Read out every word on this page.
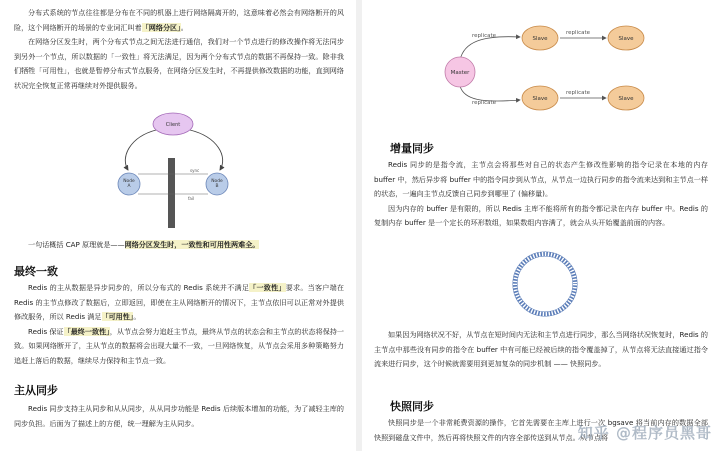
分布式系统的节点往往都是分布在不同的机器上进行网络隔离开的，这意味着必然会有网络断开的风险，这个网络断开的场景的专业词汇叫着「网络分区」。

在网络分区发生时，两个分布式节点之间无法进行通信，我们对一个节点进行的修改操作将无法同步到另外一个节点，所以数据的「一致性」将无法满足，因为两个分布式节点的数据不再保持一致。除非我们牺牲「可用性」，也就是暂停分布式节点服务，在网络分区发生时，不再提供修改数据的功能，直到网络状况完全恢复正常再继续对外提供服务。

Client
sync
fail
Node A
Node B

一句话概括 CAP 原理就是——网络分区发生时，一致性和可用性两难全。

最终一致

Redis 的主从数据是异步同步的，所以分布式的 Redis 系统并不满足「一致性」要求。当客户端在 Redis 的主节点修改了数据后，立即返回，即使在主从网络断开的情况下，主节点依旧可以正常对外提供修改服务，所以 Redis 满足「可用性」。

Redis 保证「最终一致性」，从节点会努力追赶主节点，最终从节点的状态会和主节点的状态将保持一致。如果网络断开了，主从节点的数据将会出现大量不一致，一旦网络恢复，从节点会采用多种策略努力追赶上落后的数据，继续尽力保持和主节点一致。

主从同步

Redis 同步支持主从同步和从从同步，从从同步功能是 Redis 后续版本增加的功能，为了减轻主库的同步负担。后面为了描述上的方便，统一理解为主从同步。

replicate
replicate
replicate
replicate
Master
Slave
Slave
Slave
Slave
增量同步

Redis 同步的是指令流，主节点会将那些对自己的状态产生修改性影响的指令记录在本地的内存 buffer 中，然后异步将 buffer 中的指令同步到从节点，从节点一边执行同步的指令流来达到和主节点一样的状态，一遍向主节点反馈自己同步到哪里了 (偏移量)。

因为内存的 buffer 是有限的，所以 Redis 主库不能将所有的指令都记录在内存 buffer 中。Redis 的复制内存 buffer 是一个定长的环形数组，如果数组内容满了，就会从头开始覆盖前面的内容。

如果因为网络状况不好，从节点在短时间内无法和主节点进行同步，那么当网络状况恢复时，Redis 的主节点中那些没有同步的指令在 buffer 中有可能已经被后续的指令覆盖掉了，从节点将无法直接通过指令流来进行同步，这个时候就需要用到更加复杂的同步机制 —— 快照同步。

快照同步

快照同步是一个非常耗费资源的操作，它首先需要在主库上进行一次 bgsave 将当前内存的数据全部快照到磁盘文件中，然后再将快照文件的内容全部传送到从节点。从节点将

知乎 @程序员黑哥
